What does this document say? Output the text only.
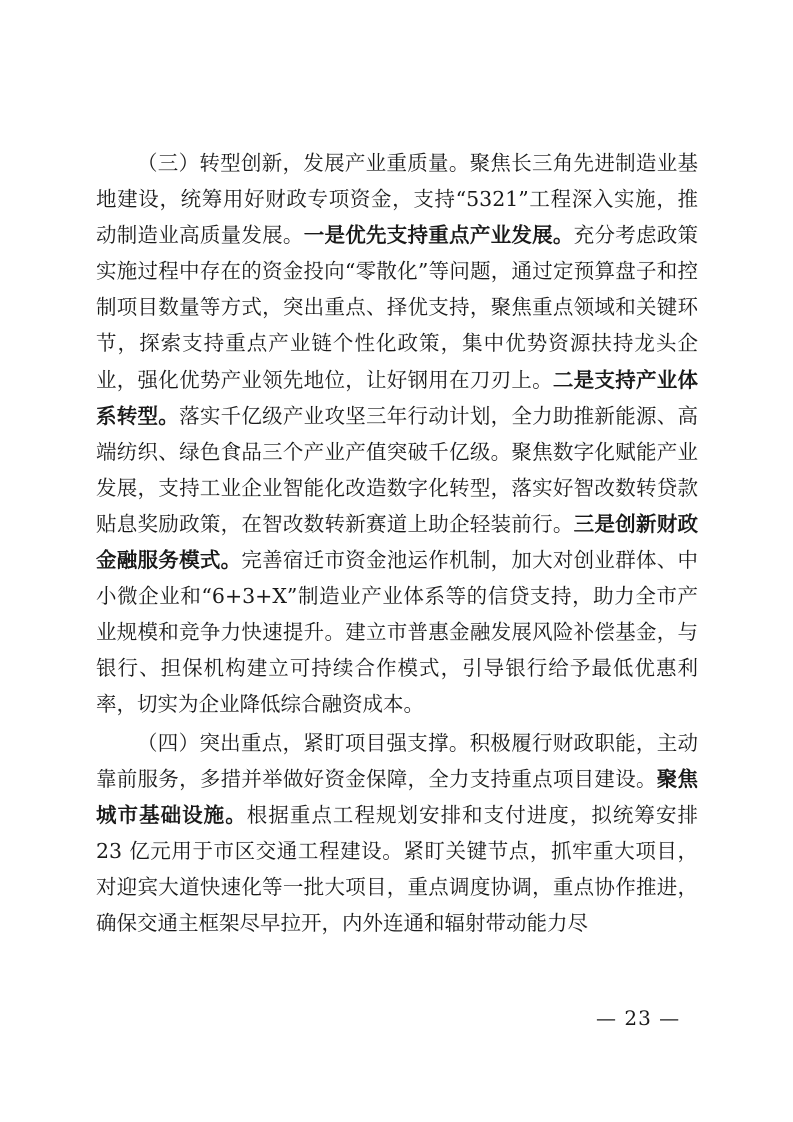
（三）转型创新，发展产业重质量。聚焦长三角先进制造业基地建设，统筹用好财政专项资金，支持“5321”工程深入实施，推动制造业高质量发展。一是优先支持重点产业发展。充分考虑政策实施过程中存在的资金投向“零散化”等问题，通过定预算盘子和控制项目数量等方式，突出重点、择优支持，聚焦重点领域和关键环节，探索支持重点产业链个性化政策，集中优势资源扶持龙头企业，强化优势产业领先地位，让好钢用在刀刃上。二是支持产业体系转型。落实千亿级产业攻坚三年行动计划，全力助推新能源、高端纺织、绿色食品三个产业产值突破千亿级。聚焦数字化赋能产业发展，支持工业企业智能化改造数字化转型，落实好智改数转贷款贴息奖励政策，在智改数转新赛道上助企轻装前行。三是创新财政金融服务模式。完善宿迁市资金池运作机制，加大对创业群体、中小微企业和“6+3+X”制造业产业体系等的信贷支持，助力全市产业规模和竞争力快速提升。建立市普惠金融发展风险补偿基金，与银行、担保机构建立可持续合作模式，引导银行给予最低优惠利率，切实为企业降低综合融资成本。

（四）突出重点，紧盯项目强支撑。积极履行财政职能，主动靠前服务，多措并举做好资金保障，全力支持重点项目建设。聚焦城市基础设施。根据重点工程规划安排和支付进度，拟统筹安排 23 亿元用于市区交通工程建设。紧盯关键节点，抓牢重大项目，对迎宾大道快速化等一批大项目，重点调度协调，重点协作推进，确保交通主框架尽早拉开，内外连通和辐射带动能力尽

— 23 —
